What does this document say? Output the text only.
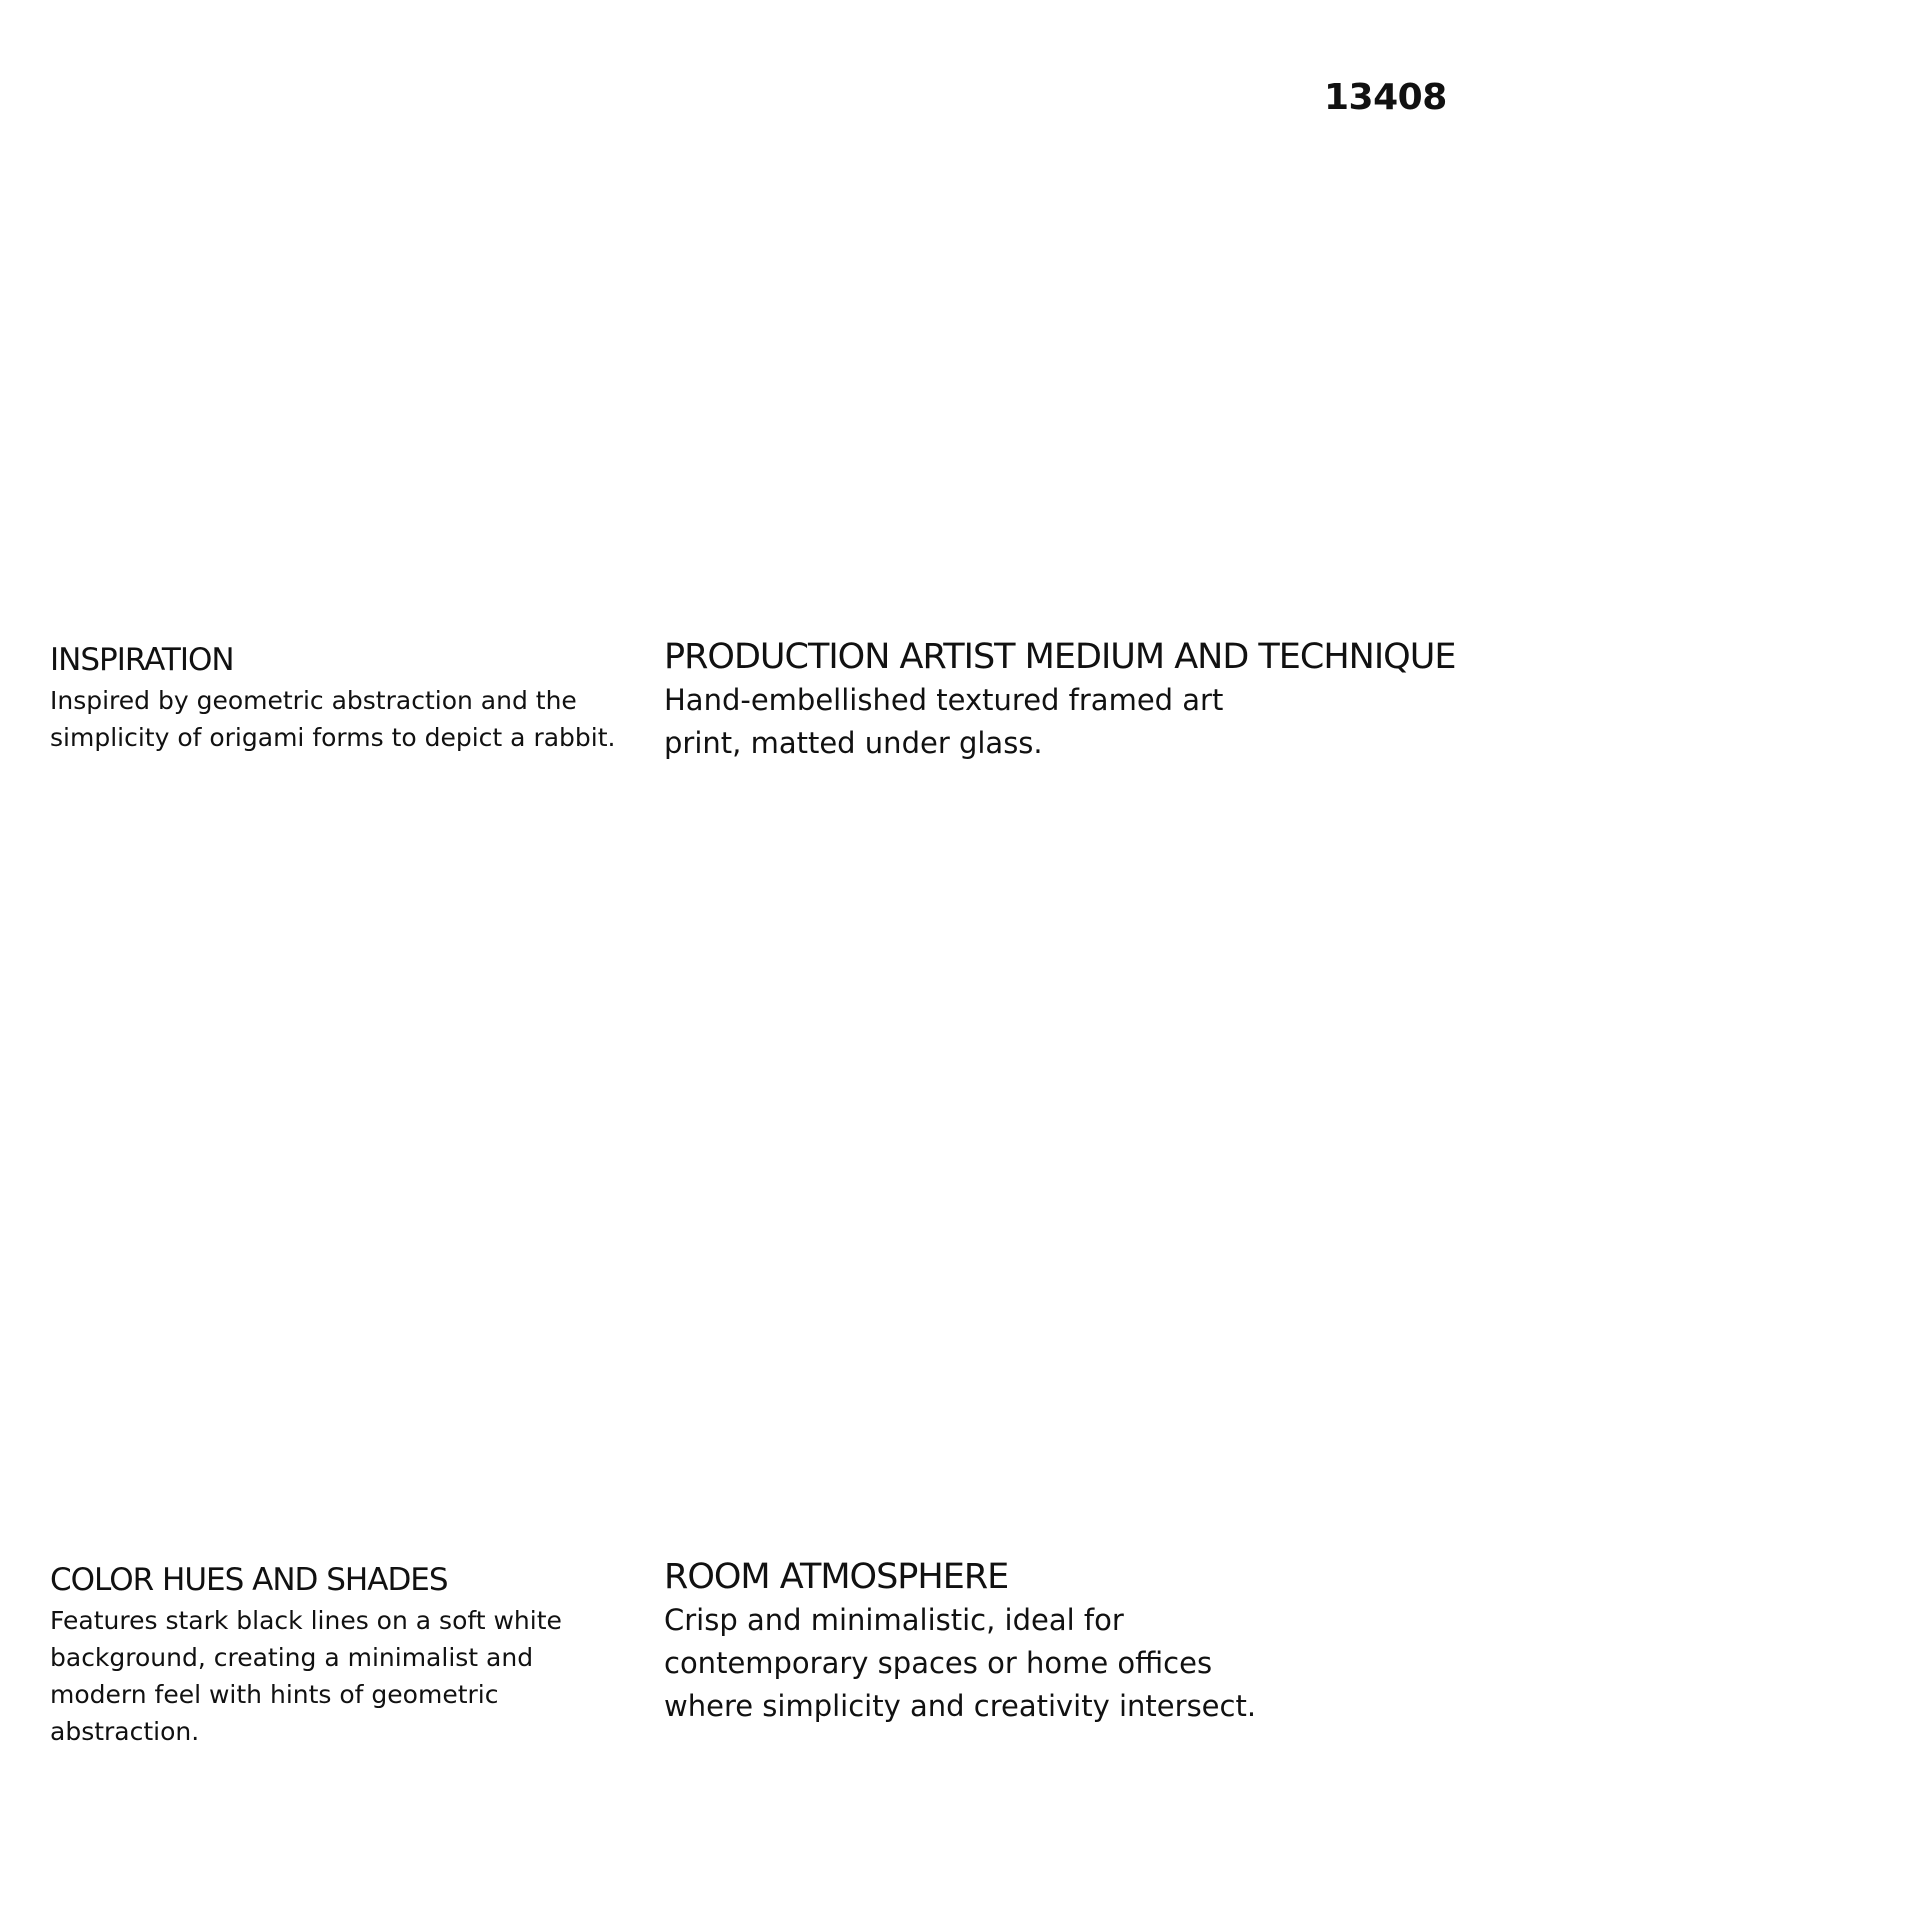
13408
INSPIRATION

Inspired by geometric abstraction and the
simplicity of origami forms to depict a rabbit.

PRODUCTION ARTIST MEDIUM AND TECHNIQUE

Hand-embellished textured framed art
print, matted under glass.

COLOR HUES AND SHADES

Features stark black lines on a soft white
background, creating a minimalist and
modern feel with hints of geometric
abstraction.

ROOM ATMOSPHERE

Crisp and minimalistic, ideal for
contemporary spaces or home offices
where simplicity and creativity intersect.
